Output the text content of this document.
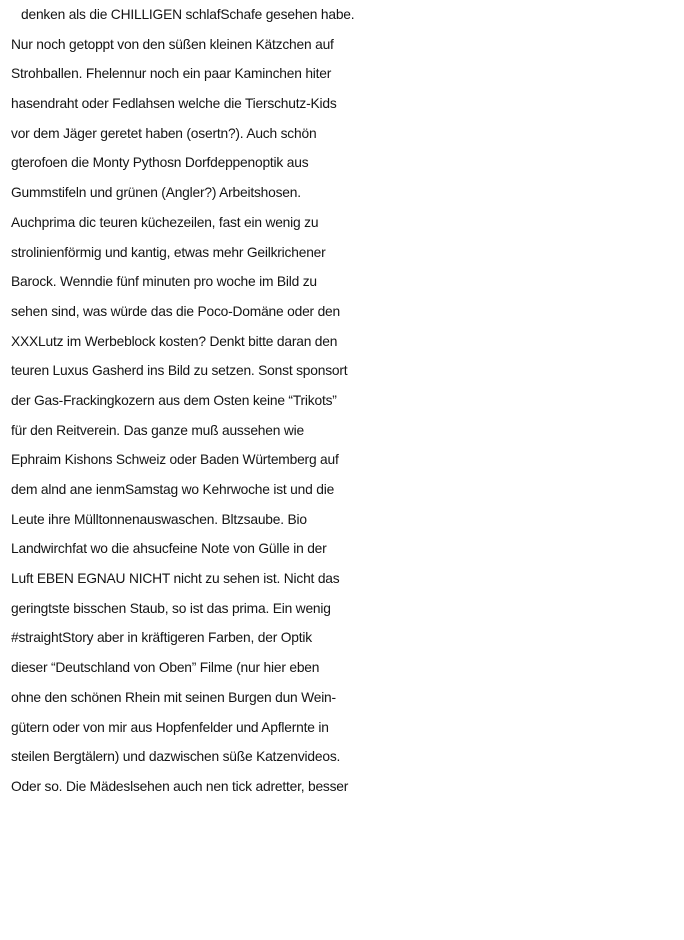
denken als die CHILLIGEN schlafSchafe gesehen habe.
Nur noch getoppt von den süßen kleinen Kätzchen auf
Strohballen. Fhelennur noch ein paar Kaminchen hiter
hasendraht oder Fedlahsen welche die Tierschutz-Kids
vor dem Jäger geretet haben (osertn?). Auch schön
gterofoen die Monty Pythosn Dorfdeppenoptik aus
Gummstifeln und grünen (Angler?) Arbeitshosen.
Auchprima dic teuren küchezeilen, fast ein wenig zu
strolinienförmig und kantig, etwas mehr Geilkrichener
Barock. Wenndie fünf minuten pro woche im Bild zu
sehen sind, was würde das die Poco-Domäne oder den
XXXLutz im Werbeblock kosten? Denkt bitte daran den
teuren Luxus Gasherd ins Bild zu setzen. Sonst sponsort
der Gas-Frackingkozern aus dem Osten keine “Trikots”
für den Reitverein. Das ganze muß aussehen wie
Ephraim Kishons Schweiz oder Baden Würtemberg auf
dem alnd ane ienmSamstag wo Kehrwoche ist und die
Leute ihre Mülltonnenauswaschen. Bltzsaube. Bio
Landwirchfat wo die ahsucfeine Note von Gülle in der
Luft EBEN EGNAU NICHT nicht zu sehen ist. Nicht das
geringtste bisschen Staub, so ist das prima. Ein wenig
#straightStory aber in kräftigeren Farben, der Optik
dieser “Deutschland von Oben” Filme (nur hier eben
ohne den schönen Rhein mit seinen Burgen dun Wein-
gütern oder von mir aus Hopfenfelder und Apflernte in
steilen Bergtälern) und dazwischen süße Katzenvideos.
Oder so. Die Mädeslsehen auch nen tick adretter, besser
